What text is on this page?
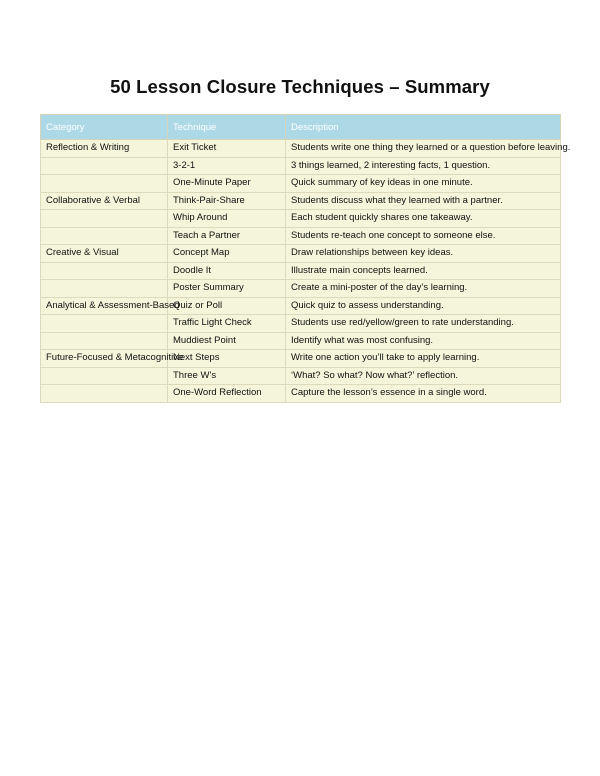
50 Lesson Closure Techniques – Summary
Category	Technique	Description
Reflection & Writing	Exit Ticket	Students write one thing they learned or a question before leaving.
	3-2-1	3 things learned, 2 interesting facts, 1 question.
	One-Minute Paper	Quick summary of key ideas in one minute.
Collaborative & Verbal	Think-Pair-Share	Students discuss what they learned with a partner.
	Whip Around	Each student quickly shares one takeaway.
	Teach a Partner	Students re-teach one concept to someone else.
Creative & Visual	Concept Map	Draw relationships between key ideas.
	Doodle It	Illustrate main concepts learned.
	Poster Summary	Create a mini-poster of the day’s learning.
Analytical & Assessment-Based	Quiz or Poll	Quick quiz to assess understanding.
	Traffic Light Check	Students use red/yellow/green to rate understanding.
	Muddiest Point	Identify what was most confusing.
Future-Focused & Metacognitive	Next Steps	Write one action you’ll take to apply learning.
	Three W’s	‘What? So what? Now what?’ reflection.
	One-Word Reflection	Capture the lesson’s essence in a single word.
